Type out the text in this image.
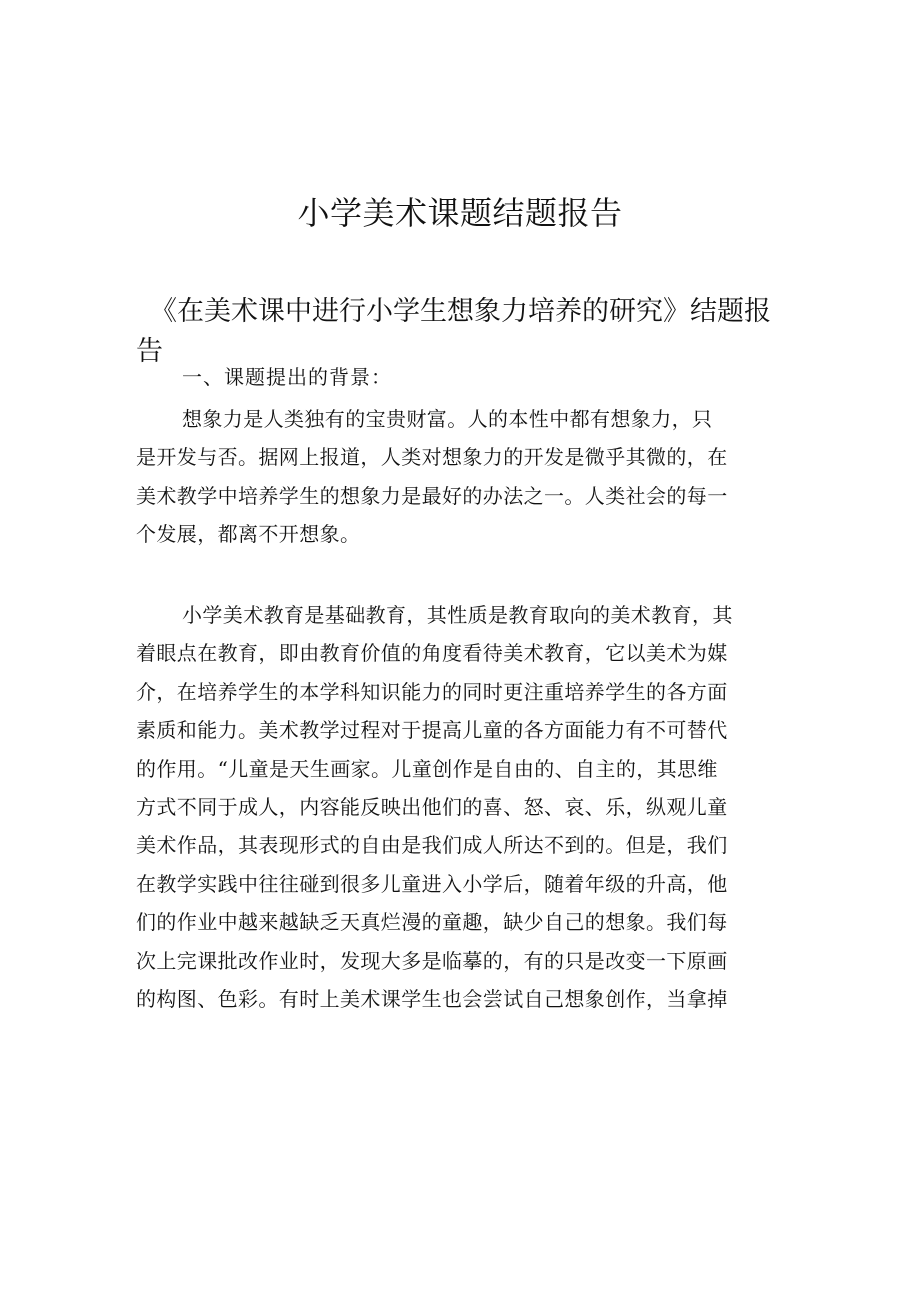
小学美术课题结题报告
《在美术课中进行小学生想象力培养的研究》结题报
告
一、课题提出的背景：
想象力是人类独有的宝贵财富。人的本性中都有想象力，只
是开发与否。据网上报道，人类对想象力的开发是微乎其微的，在
美术教学中培养学生的想象力是最好的办法之一。人类社会的每一
个发展，都离不开想象。
小学美术教育是基础教育，其性质是教育取向的美术教育，其
着眼点在教育，即由教育价值的角度看待美术教育，它以美术为媒
介，在培养学生的本学科知识能力的同时更注重培养学生的各方面
素质和能力。美术教学过程对于提高儿童的各方面能力有不可替代
的作用。“儿童是天生画家。儿童创作是自由的、自主的，其思维
方式不同于成人，内容能反映出他们的喜、怒、哀、乐，纵观儿童
美术作品，其表现形式的自由是我们成人所达不到的。但是，我们
在教学实践中往往碰到很多儿童进入小学后，随着年级的升高，他
们的作业中越来越缺乏天真烂漫的童趣，缺少自己的想象。我们每
次上完课批改作业时，发现大多是临摹的，有的只是改变一下原画
的构图、色彩。有时上美术课学生也会尝试自己想象创作，当拿掉
